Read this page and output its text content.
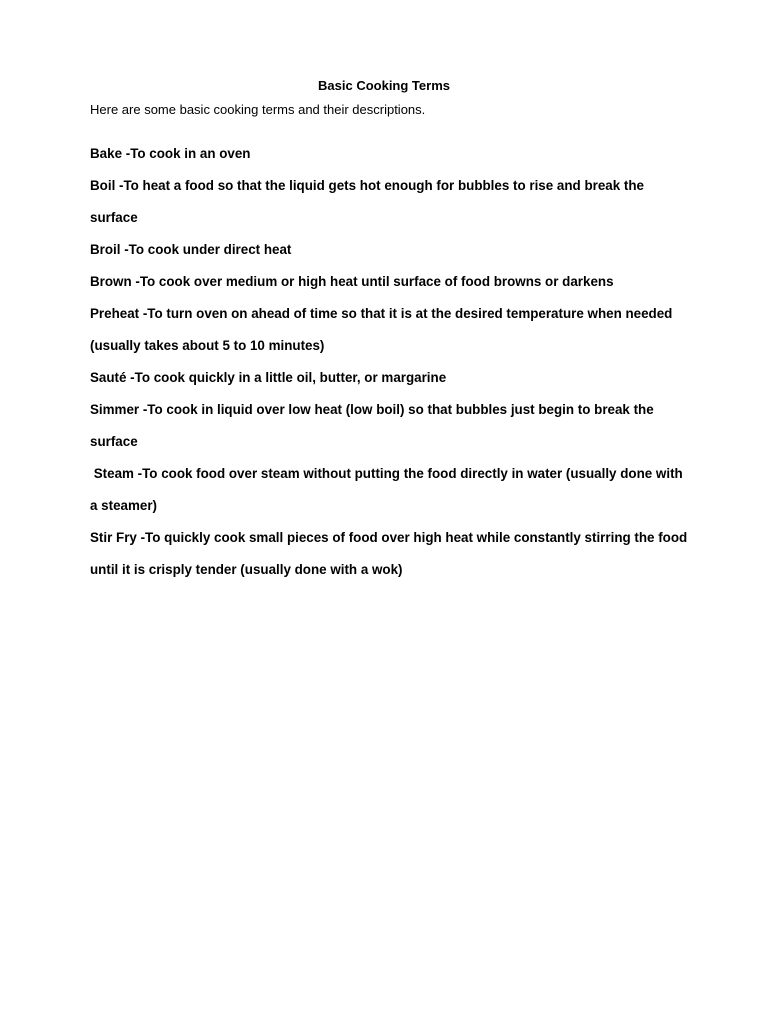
Basic Cooking Terms
Here are some basic cooking terms and their descriptions.
Bake -To cook in an oven
Boil -To heat a food so that the liquid gets hot enough for bubbles to rise and break the surface
Broil -To cook under direct heat
Brown -To cook over medium or high heat until surface of food browns or darkens
Preheat -To turn oven on ahead of time so that it is at the desired temperature when needed (usually takes about 5 to 10 minutes)
Sauté -To cook quickly in a little oil, butter, or margarine
Simmer -To cook in liquid over low heat (low boil) so that bubbles just begin to break the surface
Steam -To cook food over steam without putting the food directly in water (usually done with a steamer)
Stir Fry -To quickly cook small pieces of food over high heat while constantly stirring the food until it is crisply tender (usually done with a wok)
